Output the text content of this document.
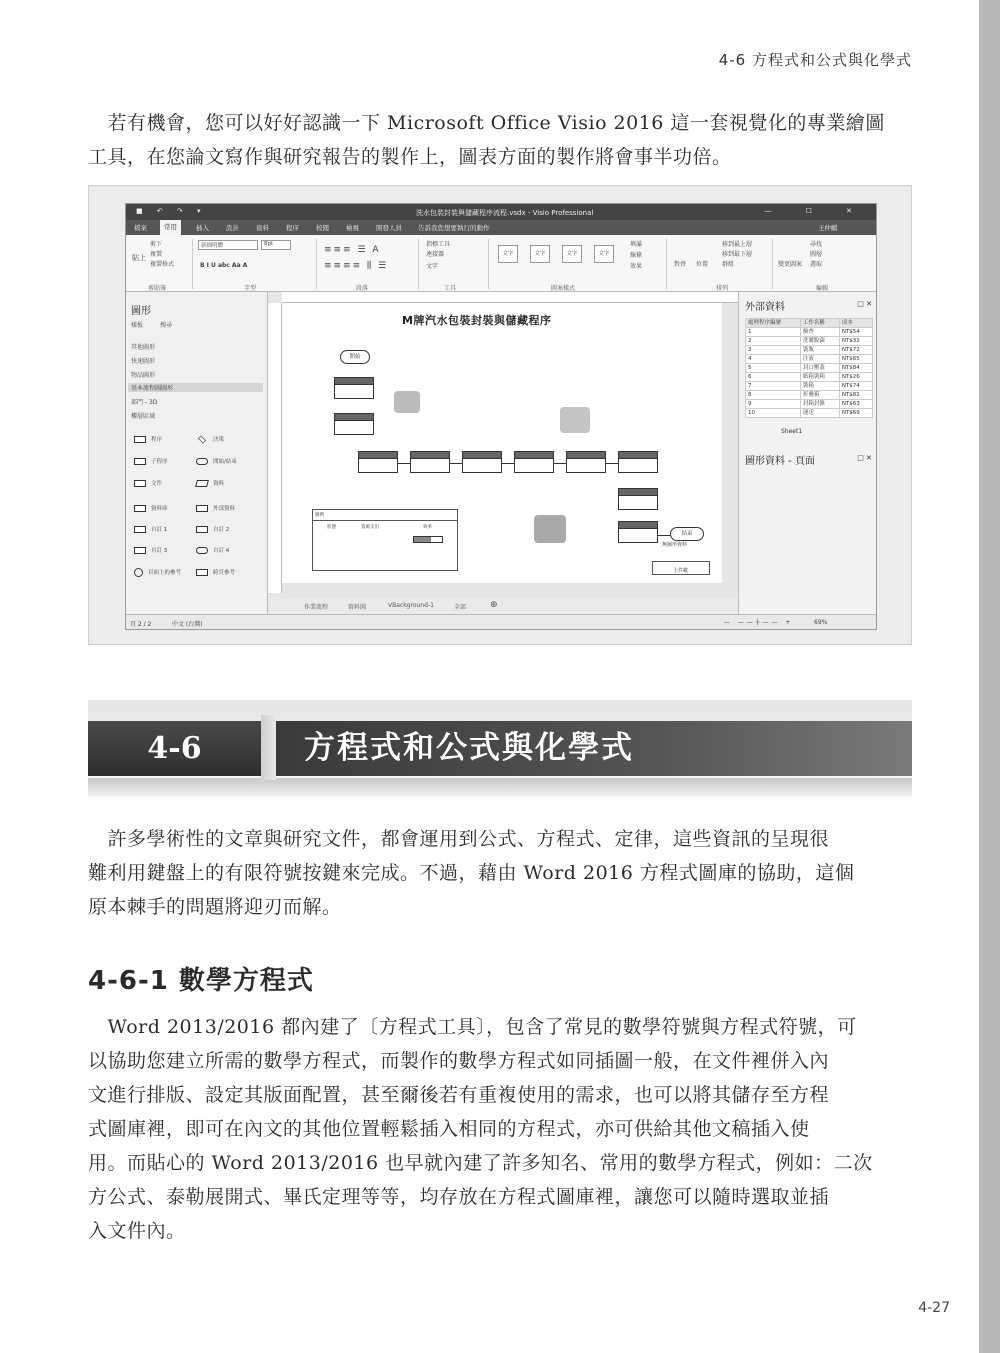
4-6 方程式和公式與化學式

　若有機會，您可以好好認識一下 Microsoft Office Visio 2016 這一套視覺化的專業繪圖

工具，在您論文寫作與研究報告的製作上，圖表方面的製作將會事半功倍。

■ ↶ ↷ ▾	洗水包裝封裝與儲藏程序流程.vsdx - Visio Professional	— ☐ ✕
檔案	常用	插入	設計	資料	程序	校閱	檢視	開發人員 告訴我您想要執行的動作	王仲麒
剪下
複製
複製格式
貼上
剪貼簿
新細明體	8pt
B I U abc Aa A
字型
≡≡≡ ☰ A
≡≡≡≡ ⫼ ☰
段落
指標工具
連接器
文字
工具
文字	文字	文字	文字
填滿
線條
效果
圖案樣式
對齊 位置
移到最上層
移到最下層
群組
排列
變更圖案
尋找
圖層
選取
編輯
圖形
樣板	搜尋
其他圖形
快速圖形
物品圖形
基本流程圖圖形
部門 - 3D
樓層區域
程序	決策
子程序	開始/結束
文件	資料
資料庫	外部資料
自訂 1	自訂 2
自訂 3	自訂 4
頁面上的參考	跨頁參考
M牌汽水包裝封裝與儲藏程序
開始
結束
圖例
狀態	資源支出	效率
無圖形資料
主件數
作業流程	資料圖	VBackground-1	全部	⊕
外部資料	□ ✕
處理程序編號	工作名稱	成本
1	檢查	NT$54
2	洗滌脫菌	NT$32
3	裝瓶	NT$72
4	注液	NT$65
5	封口壓蓋	NT$84
6	紙箱裝箱	NT$26
7	裝箱	NT$74
8	折疊箱	NT$82
9	封箱封條	NT$63
10	運送	NT$69
Sheet1
圖形資料 - 頁面	□ ✕
頁 2 / 2	中文 (台灣)	— ——┼—— +	69%
4-6	方程式和公式與化學式

　許多學術性的文章與研究文件，都會運用到公式、方程式、定律，這些資訊的呈現很

難利用鍵盤上的有限符號按鍵來完成。不過，藉由 Word 2016 方程式圖庫的協助，這個

原本棘手的問題將迎刃而解。

4-6-1 數學方程式

　Word 2013/2016 都內建了〔方程式工具〕，包含了常見的數學符號與方程式符號，可

以協助您建立所需的數學方程式，而製作的數學方程式如同插圖一般，在文件裡併入內

文進行排版、設定其版面配置，甚至爾後若有重複使用的需求，也可以將其儲存至方程

式圖庫裡，即可在內文的其他位置輕鬆插入相同的方程式，亦可供給其他文稿插入使

用。而貼心的 Word 2013/2016 也早就內建了許多知名、常用的數學方程式，例如：二次

方公式、泰勒展開式、畢氏定理等等，均存放在方程式圖庫裡，讓您可以隨時選取並插

入文件內。

4-27
